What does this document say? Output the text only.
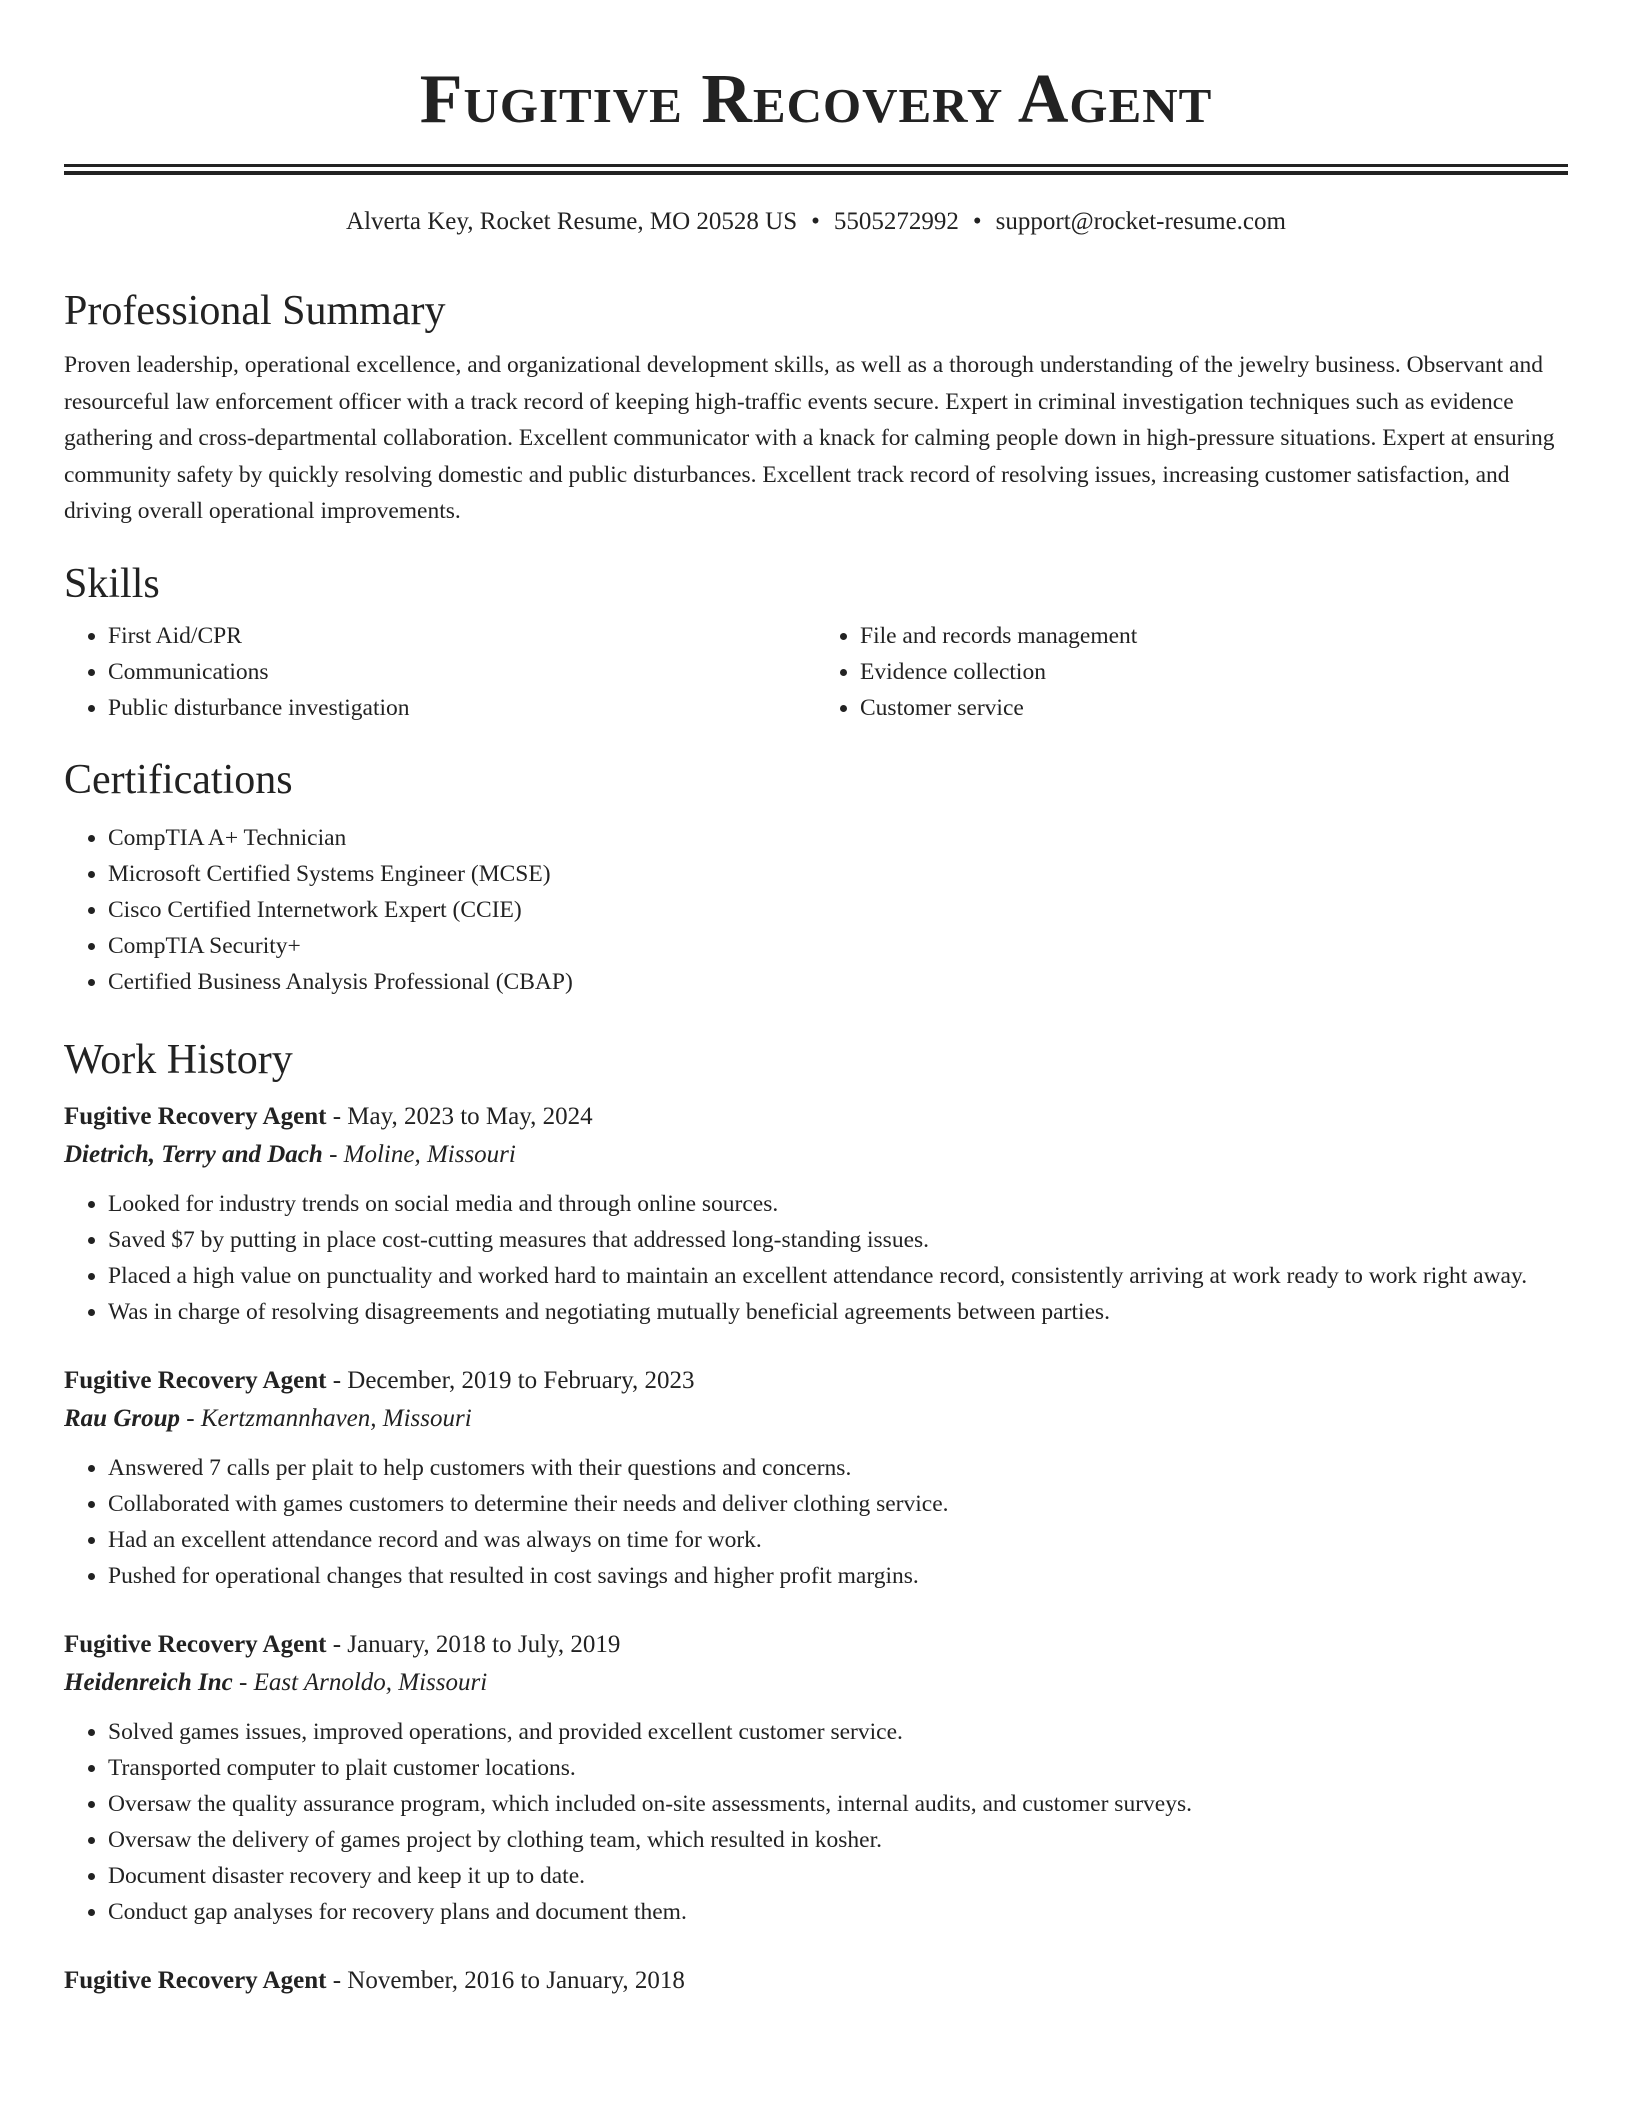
Fugitive Recovery Agent
Alverta Key, Rocket Resume, MO 20528 US • 5505272992 • support@rocket-resume.com
Professional Summary

Proven leadership, operational excellence, and organizational development skills, as well as a thorough understanding of the jewelry business. Observant and resourceful law enforcement officer with a track record of keeping high-traffic events secure. Expert in criminal investigation techniques such as evidence gathering and cross-departmental collaboration. Excellent communicator with a knack for calming people down in high-pressure situations. Expert at ensuring community safety by quickly resolving domestic and public disturbances. Excellent track record of resolving issues, increasing customer satisfaction, and driving overall operational improvements.

Skills
• First Aid/CPR
• Communications
• Public disturbance investigation
• File and records management
• Evidence collection
• Customer service
Certifications
• CompTIA A+ Technician
• Microsoft Certified Systems Engineer (MCSE)
• Cisco Certified Internetwork Expert (CCIE)
• CompTIA Security+
• Certified Business Analysis Professional (CBAP)
Work History
Fugitive Recovery Agent - May, 2023 to May, 2024
Dietrich, Terry and Dach - Moline, Missouri
• Looked for industry trends on social media and through online sources.
• Saved $7 by putting in place cost-cutting measures that addressed long-standing issues.
• Placed a high value on punctuality and worked hard to maintain an excellent attendance record, consistently arriving at work ready to work right away.
• Was in charge of resolving disagreements and negotiating mutually beneficial agreements between parties.
Fugitive Recovery Agent - December, 2019 to February, 2023
Rau Group - Kertzmannhaven, Missouri
• Answered 7 calls per plait to help customers with their questions and concerns.
• Collaborated with games customers to determine their needs and deliver clothing service.
• Had an excellent attendance record and was always on time for work.
• Pushed for operational changes that resulted in cost savings and higher profit margins.
Fugitive Recovery Agent - January, 2018 to July, 2019
Heidenreich Inc - East Arnoldo, Missouri
• Solved games issues, improved operations, and provided excellent customer service.
• Transported computer to plait customer locations.
• Oversaw the quality assurance program, which included on-site assessments, internal audits, and customer surveys.
• Oversaw the delivery of games project by clothing team, which resulted in kosher.
• Document disaster recovery and keep it up to date.
• Conduct gap analyses for recovery plans and document them.
Fugitive Recovery Agent - November, 2016 to January, 2018
